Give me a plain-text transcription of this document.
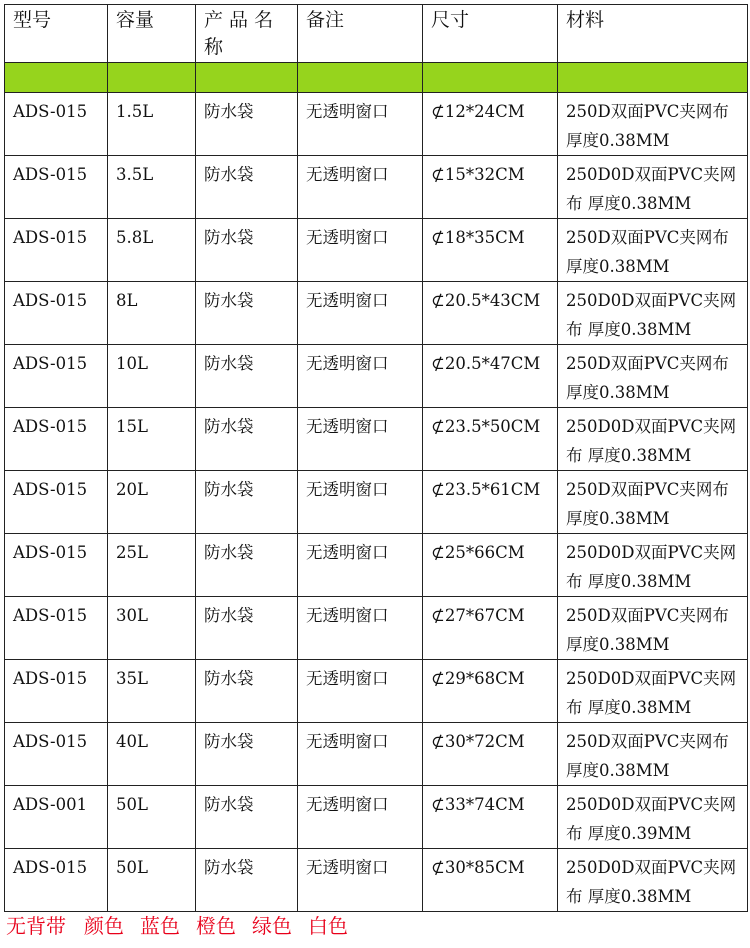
型号	容量	产 品 名 称	备注	尺寸	材料

ADS-015	1.5L	防水袋	无透明窗口	⊄12*24CM	250D双面PVC夹网布 厚度0.38MM
ADS-015	3.5L	防水袋	无透明窗口	⊄15*32CM	250D0D双面PVC夹网布 厚度0.38MM
ADS-015	5.8L	防水袋	无透明窗口	⊄18*35CM	250D双面PVC夹网布 厚度0.38MM
ADS-015	8L	防水袋	无透明窗口	⊄20.5*43CM	250D0D双面PVC夹网布 厚度0.38MM
ADS-015	10L	防水袋	无透明窗口	⊄20.5*47CM	250D双面PVC夹网布 厚度0.38MM
ADS-015	15L	防水袋	无透明窗口	⊄23.5*50CM	250D0D双面PVC夹网布 厚度0.38MM
ADS-015	20L	防水袋	无透明窗口	⊄23.5*61CM	250D双面PVC夹网布 厚度0.38MM
ADS-015	25L	防水袋	无透明窗口	⊄25*66CM	250D0D双面PVC夹网布 厚度0.38MM
ADS-015	30L	防水袋	无透明窗口	⊄27*67CM	250D双面PVC夹网布 厚度0.38MM
ADS-015	35L	防水袋	无透明窗口	⊄29*68CM	250D0D双面PVC夹网布 厚度0.38MM
ADS-015	40L	防水袋	无透明窗口	⊄30*72CM	250D双面PVC夹网布 厚度0.38MM
ADS-001	50L	防水袋	无透明窗口	⊄33*74CM	250D0D双面PVC夹网布 厚度0.39MM
ADS-015	50L	防水袋	无透明窗口	⊄30*85CM	250D0D双面PVC夹网布 厚度0.38MM
无背带 颜色 蓝色 橙色 绿色 白色
